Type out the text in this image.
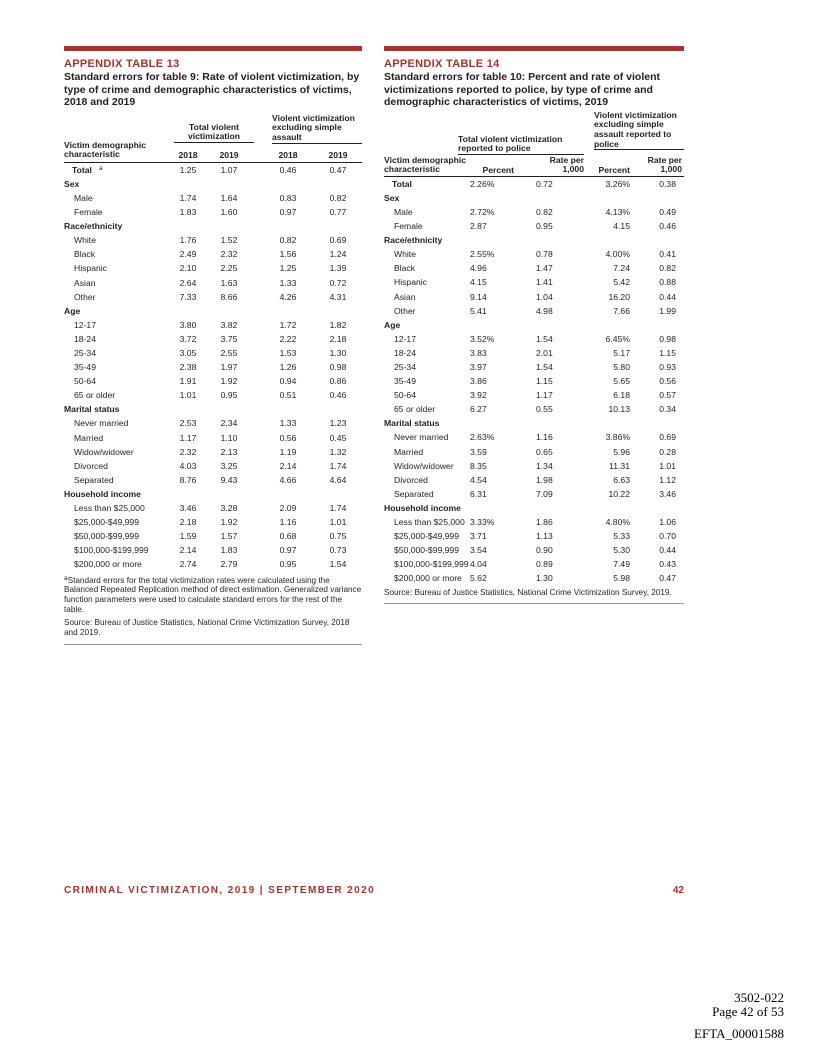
APPENDIX TABLE 13
Standard errors for table 9: Rate of violent victimization, by type of crime and demographic characteristics of victims, 2018 and 2019
Total violent victimization
Violent victimization excluding simple assault
Victim demographic characteristic	2018	2019	2018	2019
Total a	1.25	1.07	0.46	0.47
Sex
Male	1.74	1.64	0.83	0.82
Female	1.83	1.60	0.97	0.77
Race/ethnicity
White	1.76	1.52	0.82	0.69
Black	2.49	2.32	1.56	1.24
Hispanic	2.10	2.25	1.25	1.39
Asian	2.64	1.63	1.33	0.72
Other	7.33	8.66	4.26	4.31
Age
12-17	3.80	3.82	1.72	1.82
18-24	3.72	3.75	2.22	2.18
25-34	3.05	2.55	1.53	1.30
35-49	2.38	1.97	1.26	0.98
50-64	1.91	1.92	0.94	0.86
65 or older	1.01	0.95	0.51	0.46
Marital status
Never married	2.53	2.34	1.33	1.23
Married	1.17	1.10	0.56	0.45
Widow/widower	2.32	2.13	1.19	1.32
Divorced	4.03	3.25	2.14	1.74
Separated	8.76	9.43	4.66	4.64
Household income
Less than $25,000	3.46	3.28	2.09	1.74
$25,000-$49,999	2.18	1.92	1.16	1.01
$50,000-$99,999	1.59	1.57	0.68	0.75
$100,000-$199,999	2.14	1.83	0.97	0.73
$200,000 or more	2.74	2.79	0.95	1.54

$^a$Standard errors for the total victimization rates were calculated using the Balanced Repeated Replication method of direct estimation. Generalized variance function parameters were used to calculate standard errors for the rest of the table.

Source: Bureau of Justice Statistics, National Crime Victimization Survey, 2018 and 2019.

APPENDIX TABLE 14
Standard errors for table 10: Percent and rate of violent victimizations reported to police, by type of crime and demographic characteristics of victims, 2019
Total violent victimization reported to police
Violent victimization excluding simple assault reported to police
Victim demographic characteristic	Percent
Rate per 1,000	Percent
Rate per 1,000
Total	2.26%	0.72	3.26%	0.38
Sex
Male	2.72%	0.82	4.13%	0.49
Female	2.87	0.95	4.15	0.46
Race/ethnicity
White	2.55%	0.78	4.00%	0.41
Black	4.96	1.47	7.24	0.82
Hispanic	4.15	1.41	5.42	0.88
Asian	9.14	1.04	16.20	0.44
Other	5.41	4.98	7.66	1.99
Age
12-17	3.52%	1.54	6.45%	0.98
18-24	3.83	2.01	5.17	1.15
25-34	3.97	1.54	5.80	0.93
35-49	3.86	1.15	5.65	0.56
50-64	3.92	1.17	6.18	0.57
65 or older	6.27	0.55	10.13	0.34
Marital status
Never married	2.63%	1.16	3.86%	0.69
Married	3.59	0.65	5.96	0.28
Widow/widower 8.35	1.34	11.31	1.01
Divorced	4.54	1.98	6.63	1.12
Separated	6.31	7.09	10.22	3.46
Household income
Less than $25,000 3.33%	1.86	4.80%	1.06
$25,000-$49,999 3.71	1.13	5.33	0.70
$50,000-$99,999 3.54	0.90	5.30	0.44
$100,000-$199,999 4.04	0.89	7.49	0.43
$200,000 or more 5.62	1.30	5.98	0.47

Source: Bureau of Justice Statistics, National Crime Victimization Survey, 2019.

CRIMINAL VICTIMIZATION, 2019 | SEPTEMBER 2020	42
3502-022
Page 42 of 53
EFTA_00001588
